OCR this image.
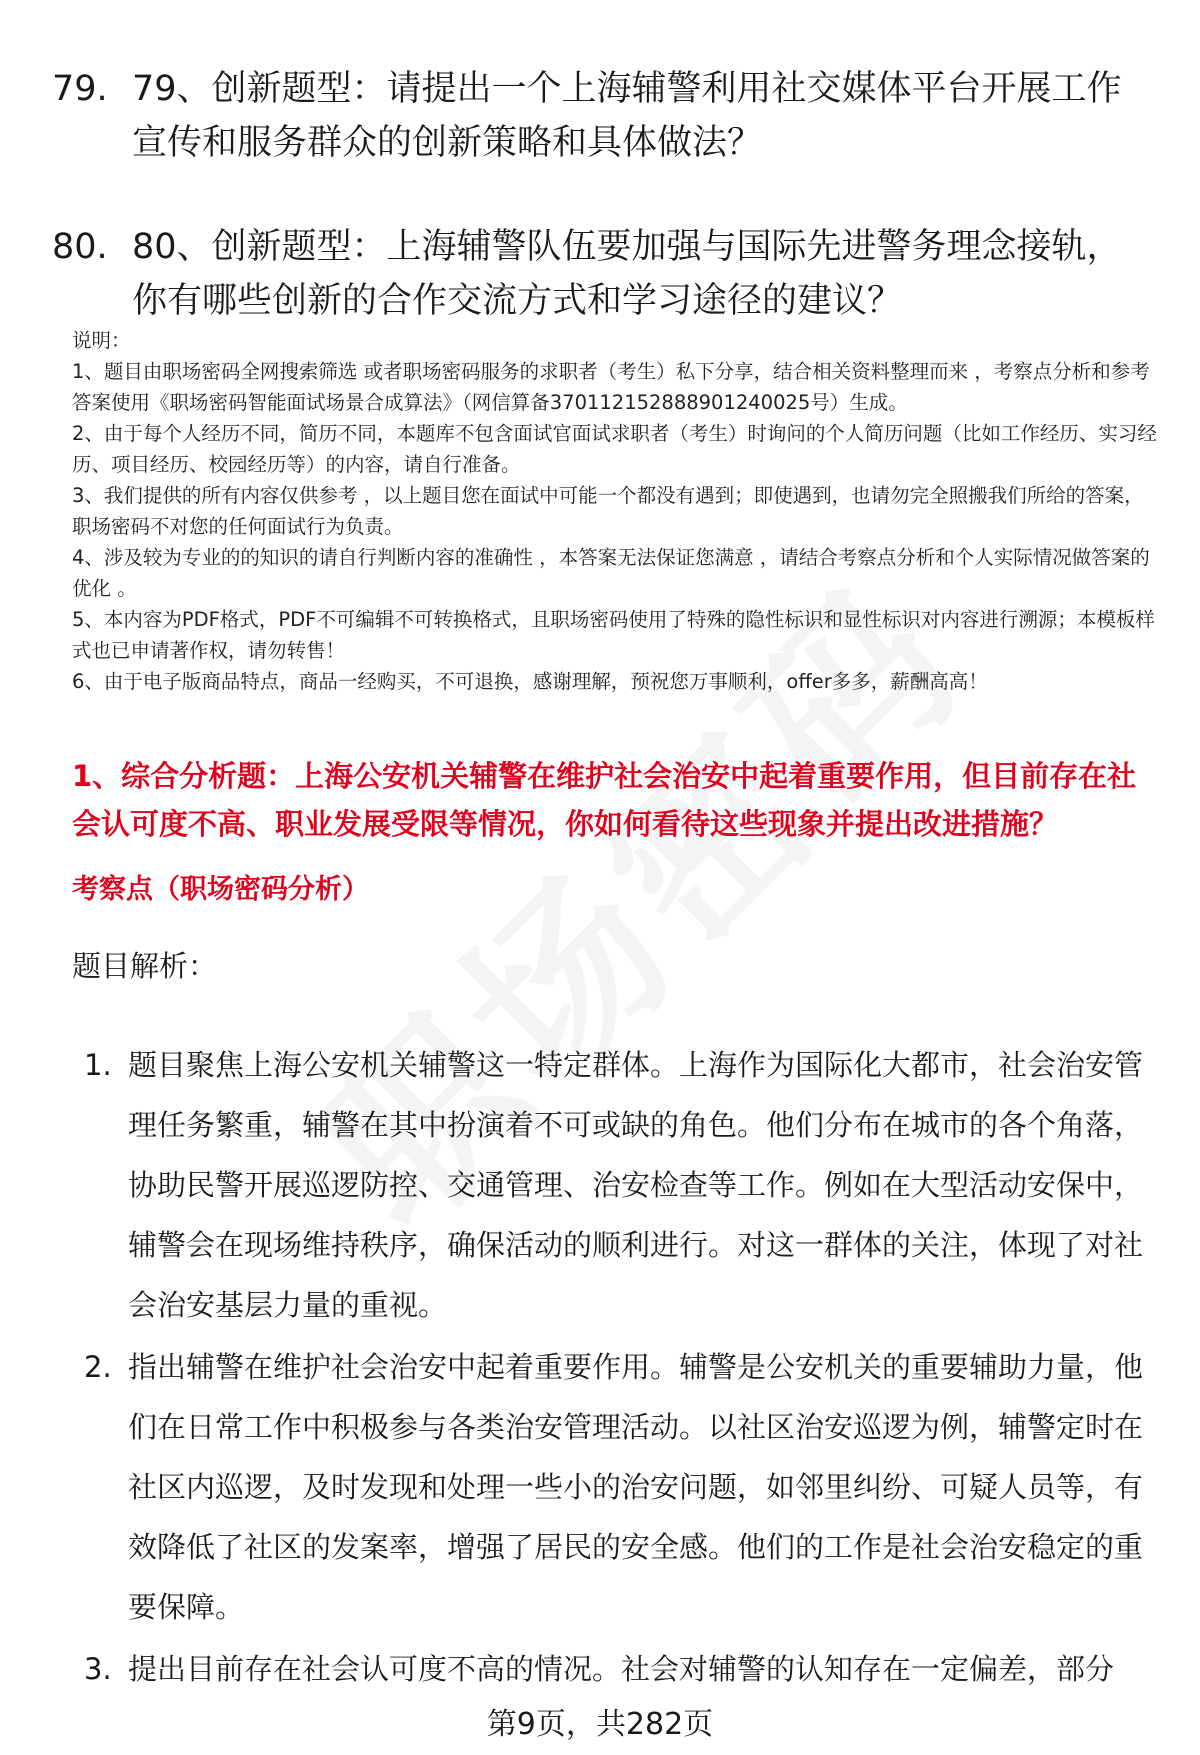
79. 79、创新题型：请提出一个上海辅警利用社交媒体平台开展工作宣传和服务群众的创新策略和具体做法？
80. 80、创新题型：上海辅警队伍要加强与国际先进警务理念接轨，你有哪些创新的合作交流方式和学习途径的建议？
说明：
1、题目由职场密码全网搜索筛选 或者职场密码服务的求职者（考生）私下分享，结合相关资料整理而来 ，考察点分析和参考答案使用《职场密码智能面试场景合成算法》（网信算备370112152888901240025号）生成。
2、由于每个人经历不同，简历不同，本题库不包含面试官面试求职者（考生）时询问的个人简历问题（比如工作经历、实习经历、项目经历、校园经历等）的内容，请自行准备。
3、我们提供的所有内容仅供参考 ，以上题目您在面试中可能一个都没有遇到；即使遇到，也请勿完全照搬我们所给的答案，职场密码不对您的任何面试行为负责。
4、涉及较为专业的的知识的请自行判断内容的准确性 ，本答案无法保证您满意 ，请结合考察点分析和个人实际情况做答案的优化 。
5、本内容为PDF格式，PDF不可编辑不可转换格式，且职场密码使用了特殊的隐性标识和显性标识对内容进行溯源；本模板样式也已申请著作权，请勿转售！
6、由于电子版商品特点，商品一经购买，不可退换，感谢理解，预祝您万事顺利，offer多多，薪酬高高！
1、综合分析题：上海公安机关辅警在维护社会治安中起着重要作用，但目前存在社会认可度不高、职业发展受限等情况，你如何看待这些现象并提出改进措施？
考察点（职场密码分析）
题目解析：
1. 题目聚焦上海公安机关辅警这一特定群体。上海作为国际化大都市，社会治安管理任务繁重，辅警在其中扮演着不可或缺的角色。他们分布在城市的各个角落，协助民警开展巡逻防控、交通管理、治安检查等工作。例如在大型活动安保中，辅警会在现场维持秩序，确保活动的顺利进行。对这一群体的关注，体现了对社会治安基层力量的重视。
2. 指出辅警在维护社会治安中起着重要作用。辅警是公安机关的重要辅助力量，他们在日常工作中积极参与各类治安管理活动。以社区治安巡逻为例，辅警定时在社区内巡逻，及时发现和处理一些小的治安问题，如邻里纠纷、可疑人员等，有效降低了社区的发案率，增强了居民的安全感。他们的工作是社会治安稳定的重要保障。
3. 提出目前存在社会认可度不高的情况。社会对辅警的认知存在一定偏差，部分
第9页，共282页
